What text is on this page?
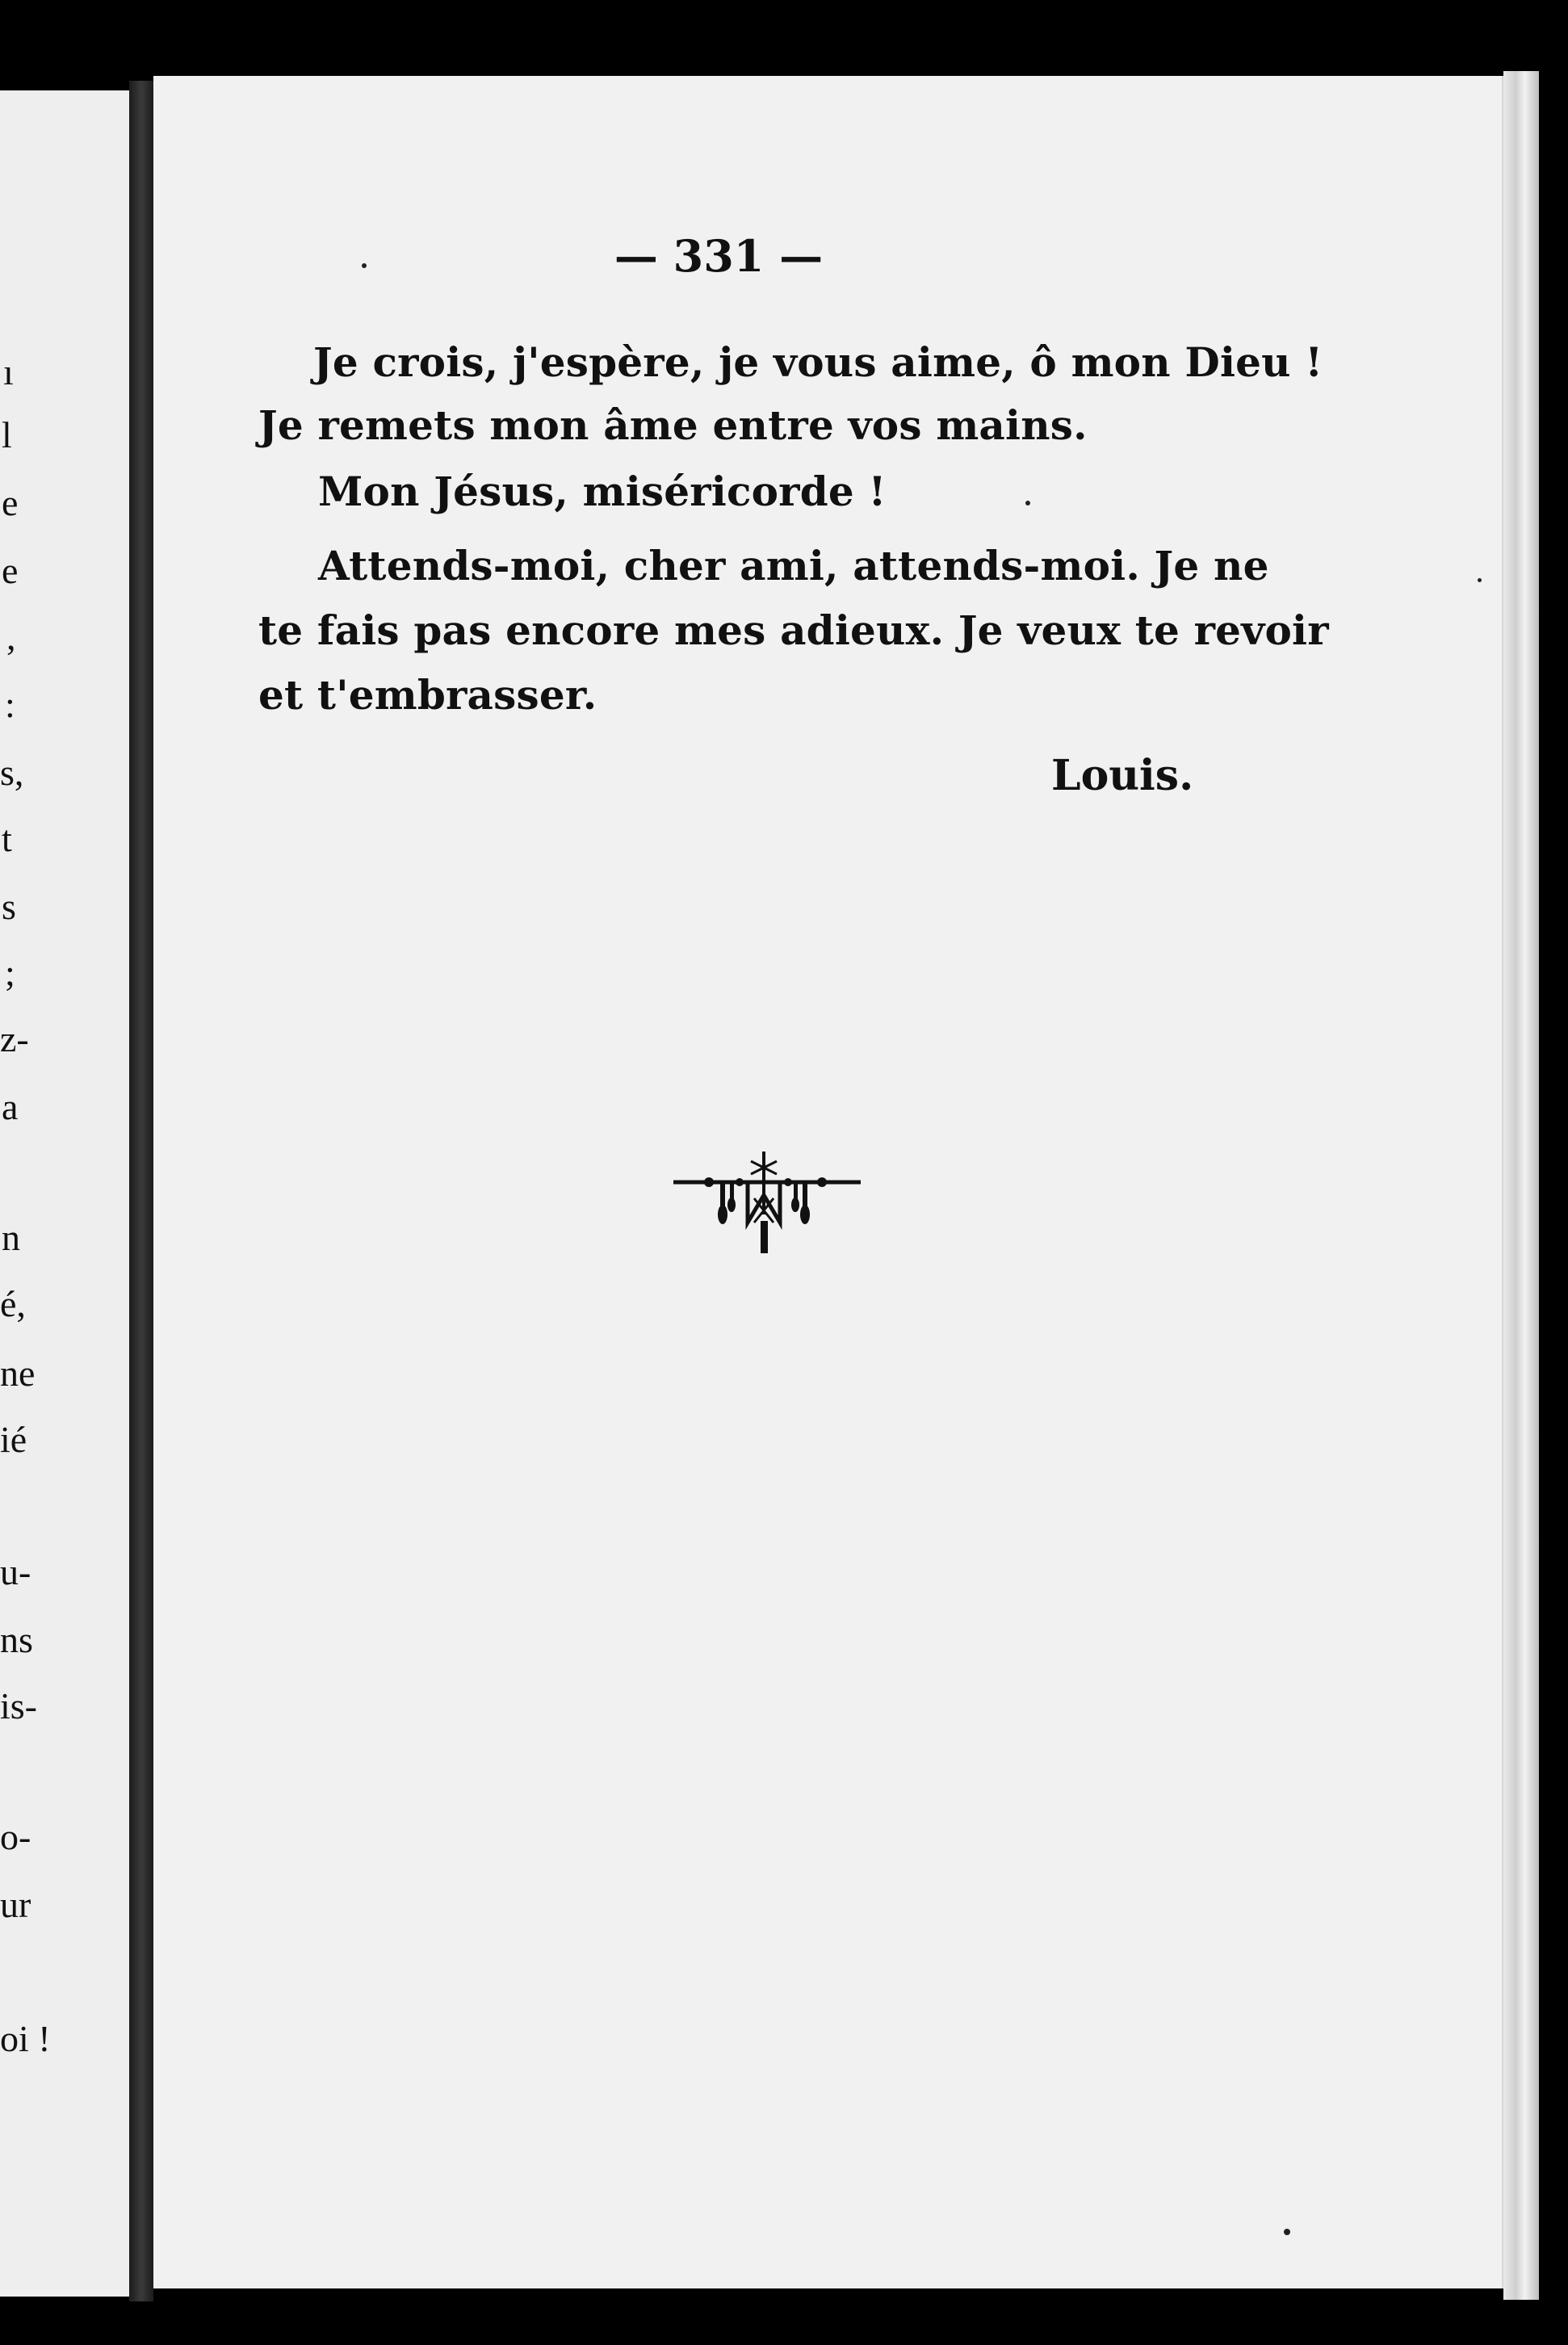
ı
l
e
e
,
:
s,
t
s
;
z-
a
n
é,
ne
ié
u-
ns
is-
o-
ur
oi !
— 331 —
Je crois, j'espère, je vous aime, ô mon Dieu !
Je remets mon âme entre vos mains.
Mon Jésus, miséricorde !
Attends-moi, cher ami, attends-moi. Je ne
te fais pas encore mes adieux. Je veux te revoir
et t'embrasser.
Louis.
